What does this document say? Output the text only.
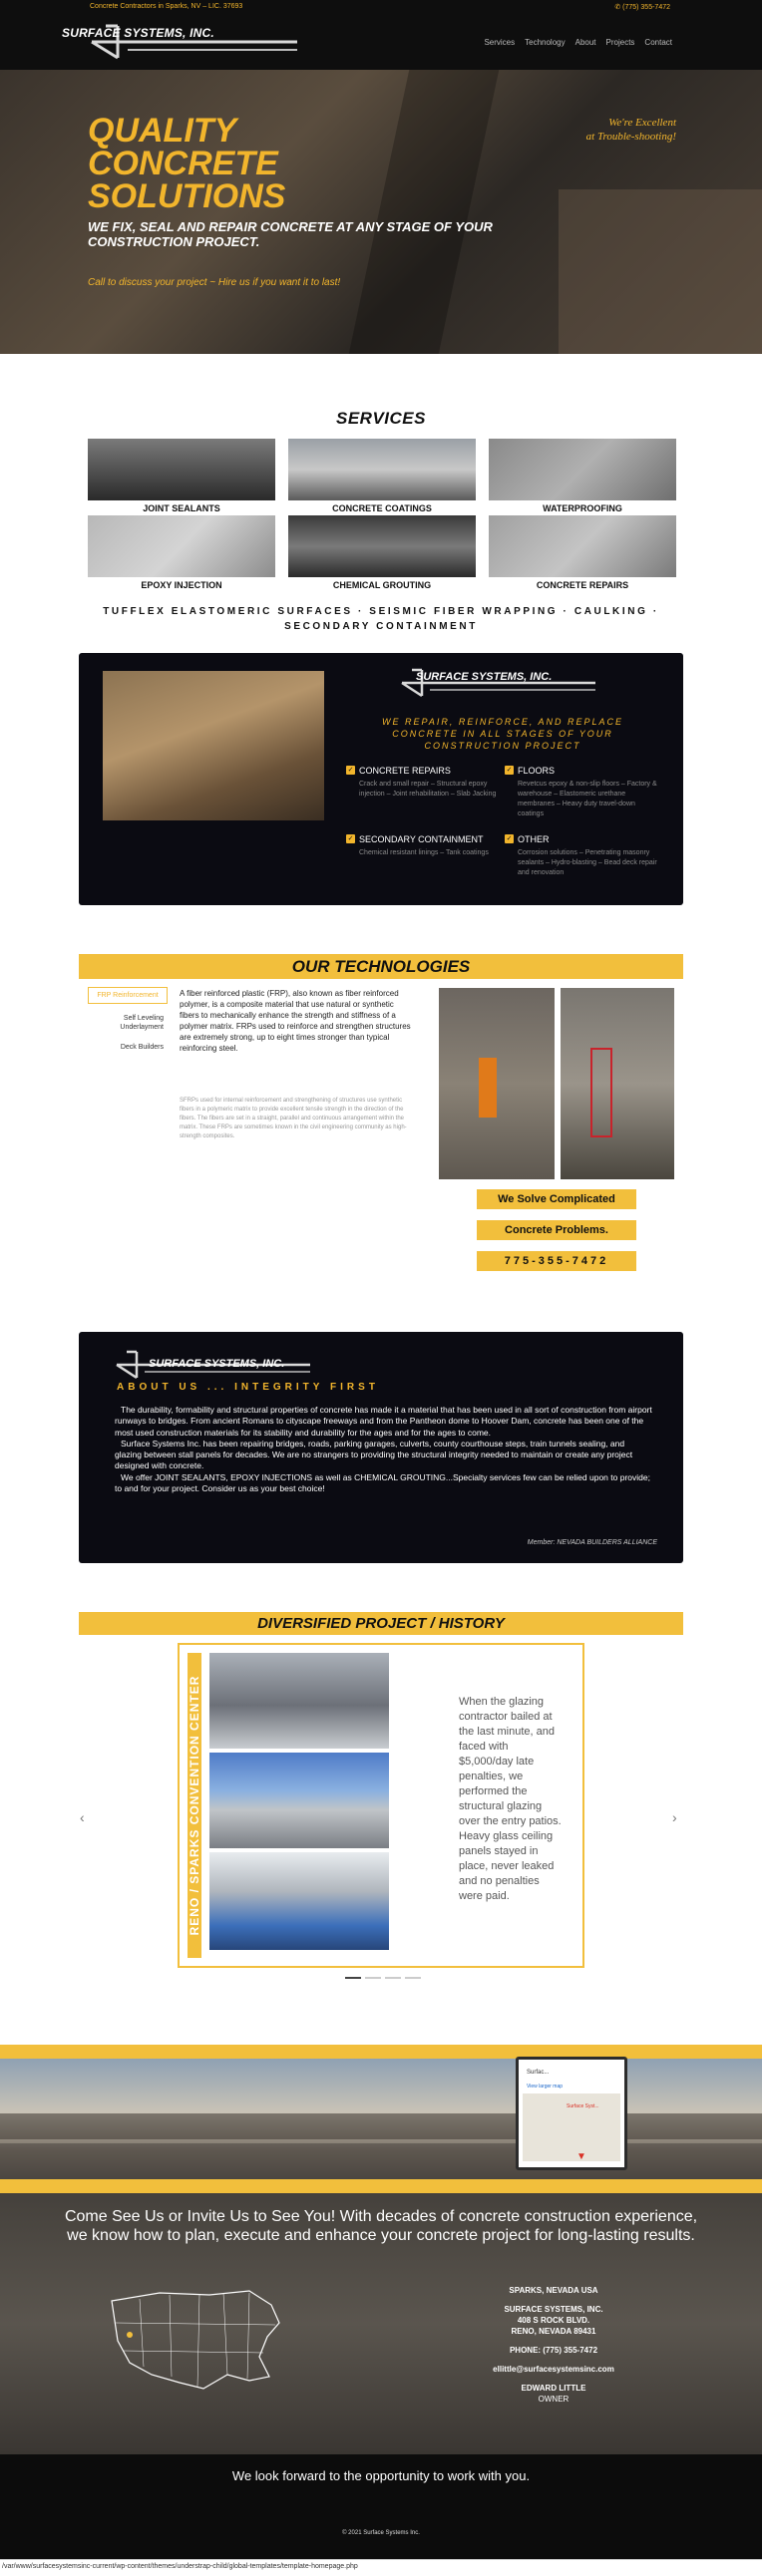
Concrete Contractors in Sparks, NV – LIC. 37693	✆ (775) 355-7472
SURFACE SYSTEMS, INC.
Services Technology About Projects Contact
QUALITY
CONCRETE
SOLUTIONS
WE FIX, SEAL AND REPAIR CONCRETE AT ANY STAGE OF YOUR CONSTRUCTION PROJECT.
Call to discuss your project ~ Hire us if you want it to last!
We're Excellent
at Trouble-shooting!
SERVICES
JOINT SEALANTS	CONCRETE COATINGS	WATERPROOFING
EPOXY INJECTION	CHEMICAL GROUTING	CONCRETE REPAIRS
TUFFLEX ELASTOMERIC SURFACES · SEISMIC FIBER WRAPPING · CAULKING · SECONDARY CONTAINMENT
SURFACE SYSTEMS, INC.
WE REPAIR, REINFORCE, AND REPLACE CONCRETE IN ALL STAGES OF YOUR CONSTRUCTION PROJECT
✓ CONCRETE REPAIRS
Crack and small repair – Structural epoxy injection – Joint rehabilitation – Slab Jacking
✓ FLOORS
Revetcus epoxy & non-slip floors – Factory & warehouse – Elastomeric urethane membranes – Heavy duty travel-down coatings
✓ SECONDARY CONTAINMENT
Chemical resistant linings – Tank coatings
✓ OTHER
Corrosion solutions – Penetrating masonry sealants – Hydro-blasting – Bead deck repair and renovation
OUR TECHNOLOGIES
FRP Reinforcement
Self Leveling Underlayment
Deck Builders
A fiber reinforced plastic (FRP), also known as fiber reinforced polymer, is a composite material that use natural or synthetic fibers to mechanically enhance the strength and stiffness of a polymer matrix. FRPs used to reinforce and strengthen structures are extremely strong, up to eight times stronger than typical reinforcing steel.
SFRPs used for internal reinforcement and strengthening of structures use synthetic fibers in a polymeric matrix to provide excellent tensile strength in the direction of the fibers. The fibers are set in a straight, parallel and continuous arrangement within the matrix. These FRPs are sometimes known in the civil engineering community as high-strength composites.
We Solve Complicated
Concrete Problems.
775-355-7472
SURFACE SYSTEMS, INC.
ABOUT US ... INTEGRITY FIRST

The durability, formability and structural properties of concrete has made it a material that has been used in all sort of construction from airport runways to bridges. From ancient Romans to cityscape freeways and from the Pantheon dome to Hoover Dam, concrete has been one of the most used construction materials for its stability and durability for the ages and for the ages to come.

Surface Systems Inc. has been repairing bridges, roads, parking garages, culverts, county courthouse steps, train tunnels sealing, and glazing between stall panels for decades. We are no strangers to providing the structural integrity needed to maintain or create any project designed with concrete.

We offer JOINT SEALANTS, EPOXY INJECTIONS as well as CHEMICAL GROUTING...Specialty services few can be relied upon to provide; to and for your project. Consider us as your best choice!

Member: NEVADA BUILDERS ALLIANCE
DIVERSIFIED PROJECT / HISTORY
‹	›
RENO / SPARKS CONVENTION CENTER	When the glazing contractor bailed at the last minute, and faced with $5,000/day late penalties, we performed the structural glazing over the entry patios. Heavy glass ceiling panels stayed in place, never leaked and no penalties were paid.
Surfac...
View larger map
▼
Surface Syst...
Come See Us or Invite Us to See You! With decades of concrete construction experience, we know how to plan, execute and enhance your concrete project for long-lasting results.
SPARKS, NEVADA USA
SURFACE SYSTEMS, INC.
408 S ROCK BLVD.
RENO, NEVADA 89431
PHONE: (775) 355-7472
ellittle@surfacesystemsinc.com
EDWARD LITTLE
OWNER
We look forward to the opportunity to work with you.
© 2021 Surface Systems Inc.
/var/www/surfacesystemsinc-current/wp-content/themes/understrap-child/global-templates/template-homepage.php
